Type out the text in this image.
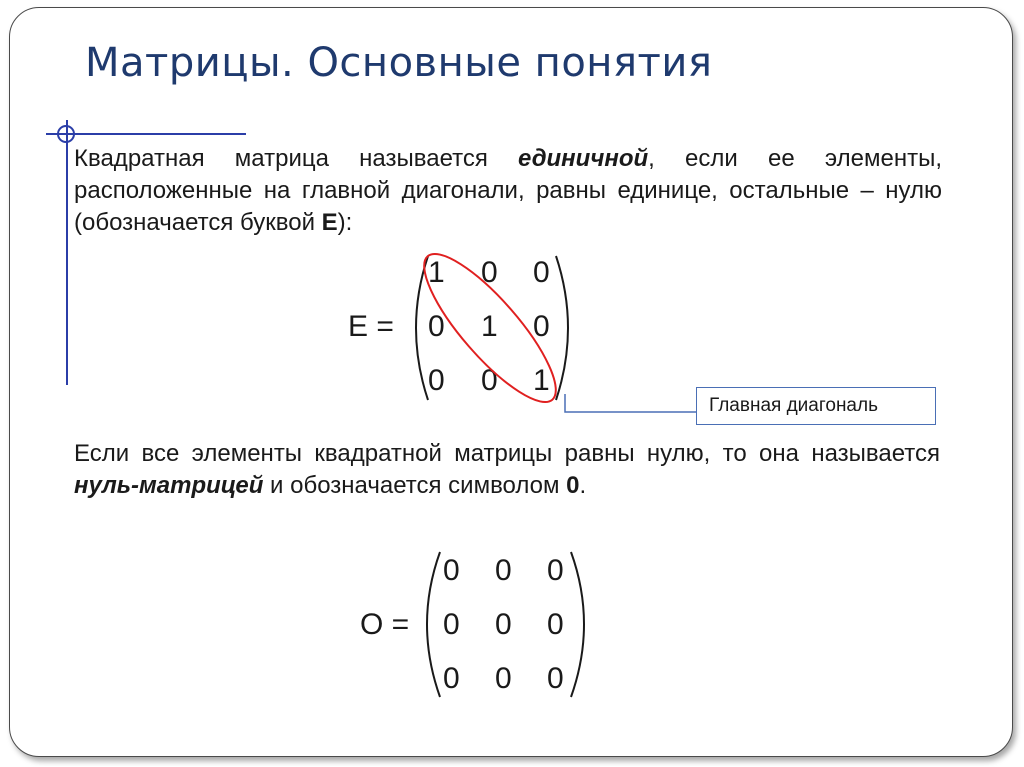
Матрицы. Основные понятия

Квадратная матрица называется единичной, если ее элементы, расположенные на главной диагонали, равны единице, остальные – нулю (обозначается буквой E):

E =
1 0 0
0 1 0
0 0 1
O =
0 0 0
0 0 0
0 0 0
Главная диагональ

Если все элементы квадратной матрицы равны нулю, то она называется нуль-матрицей и обозначается символом 0.
